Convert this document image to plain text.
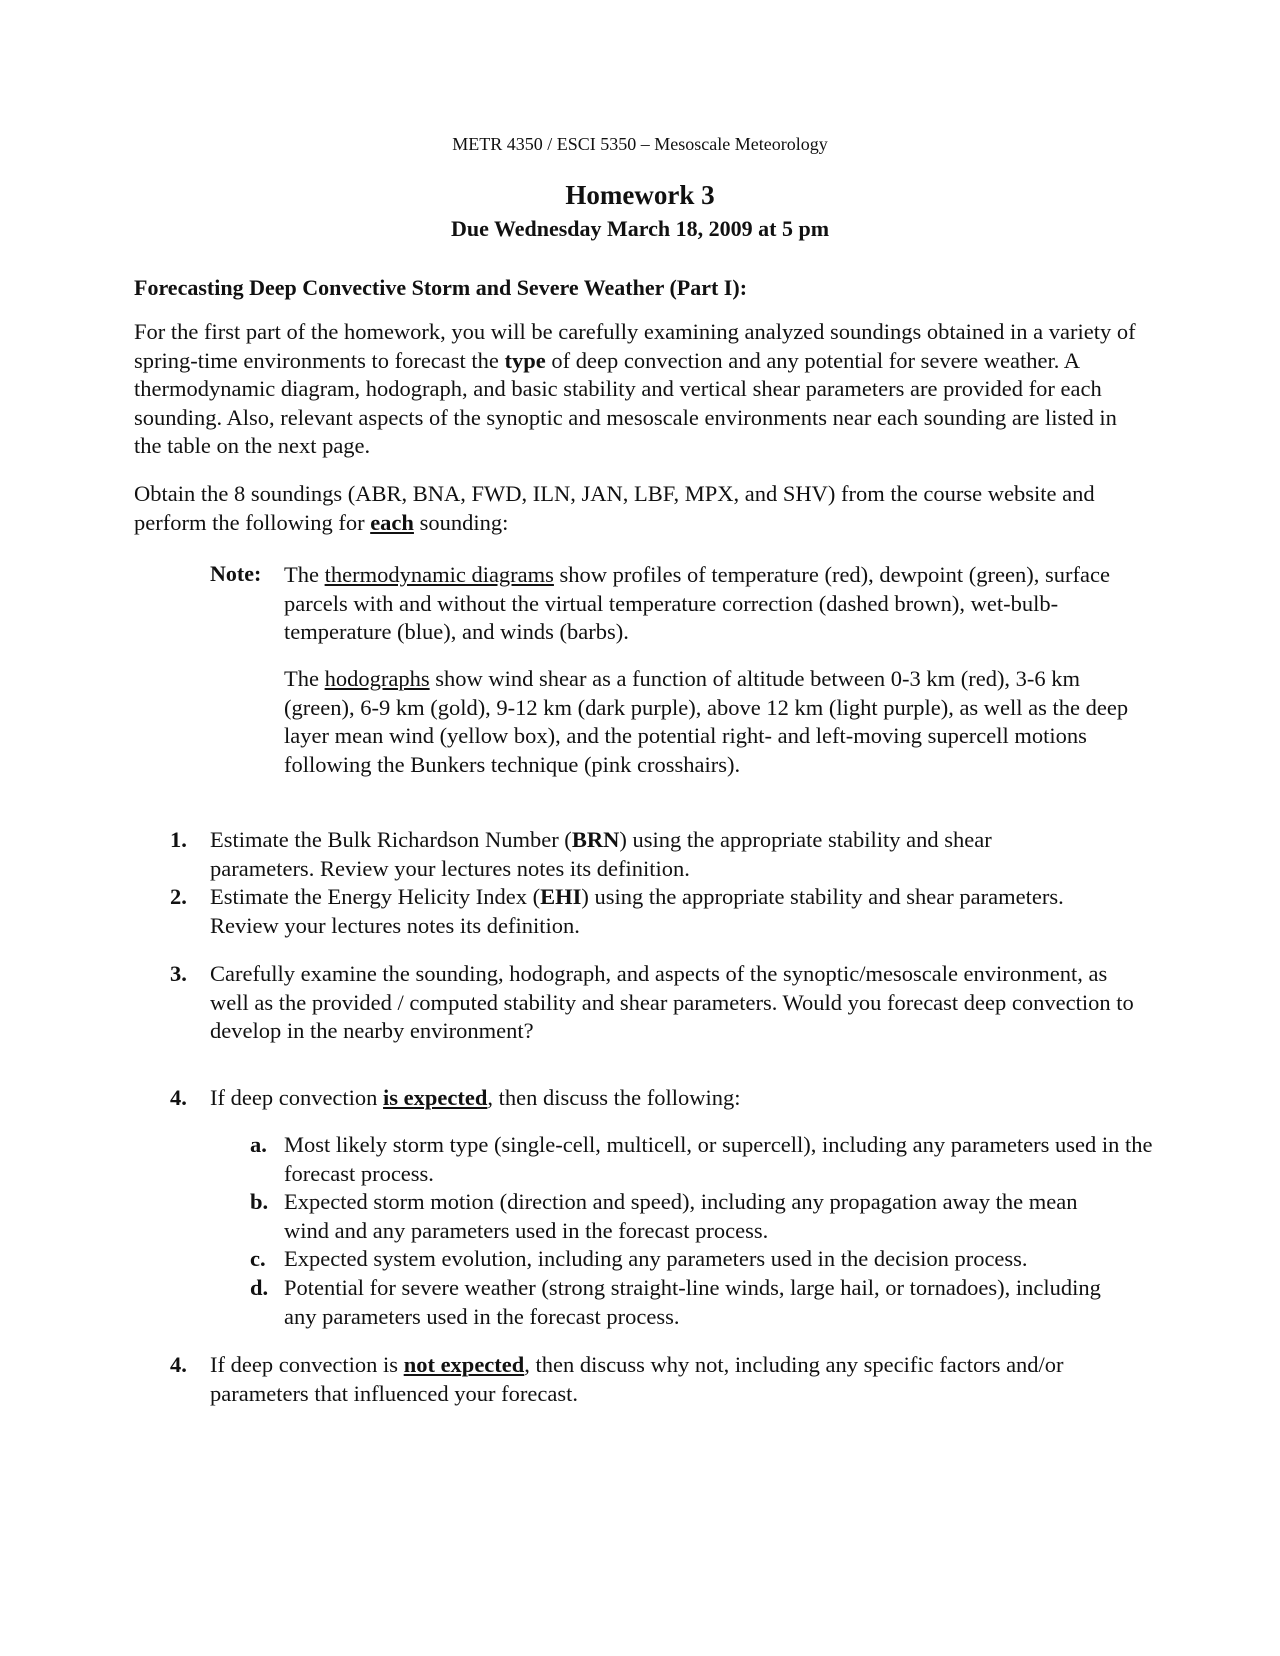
METR 4350 / ESCI 5350 – Mesoscale Meteorology
Homework 3
Due Wednesday March 18, 2009 at 5 pm
Forecasting Deep Convective Storm and Severe Weather (Part I):

For the first part of the homework, you will be carefully examining analyzed soundings obtained in a variety of spring-time environments to forecast the type of deep convection and any potential for severe weather. A thermodynamic diagram, hodograph, and basic stability and vertical shear parameters are provided for each sounding. Also, relevant aspects of the synoptic and mesoscale environments near each sounding are listed in the table on the next page.

Obtain the 8 soundings (ABR, BNA, FWD, ILN, JAN, LBF, MPX, and SHV) from the course website and perform the following for each sounding:

Note: The thermodynamic diagrams show profiles of temperature (red), dewpoint (green), surface parcels with and without the virtual temperature correction (dashed brown), wet-bulb-temperature (blue), and winds (barbs).

The hodographs show wind shear as a function of altitude between 0-3 km (red), 3-6 km (green), 6-9 km (gold), 9-12 km (dark purple), above 12 km (light purple), as well as the deep layer mean wind (yellow box), and the potential right- and left-moving supercell motions following the Bunkers technique (pink crosshairs).

1. Estimate the Bulk Richardson Number (BRN) using the appropriate stability and shear parameters. Review your lectures notes its definition.
2. Estimate the Energy Helicity Index (EHI) using the appropriate stability and shear parameters. Review your lectures notes its definition.
3. Carefully examine the sounding, hodograph, and aspects of the synoptic/mesoscale environment, as well as the provided / computed stability and shear parameters. Would you forecast deep convection to develop in the nearby environment?
4. If deep convection is expected, then discuss the following:
a. Most likely storm type (single-cell, multicell, or supercell), including any parameters used in the forecast process.
b. Expected storm motion (direction and speed), including any propagation away the mean wind and any parameters used in the forecast process.
c. Expected system evolution, including any parameters used in the decision process.
d. Potential for severe weather (strong straight-line winds, large hail, or tornadoes), including any parameters used in the forecast process.
4. If deep convection is not expected, then discuss why not, including any specific factors and/or parameters that influenced your forecast.
